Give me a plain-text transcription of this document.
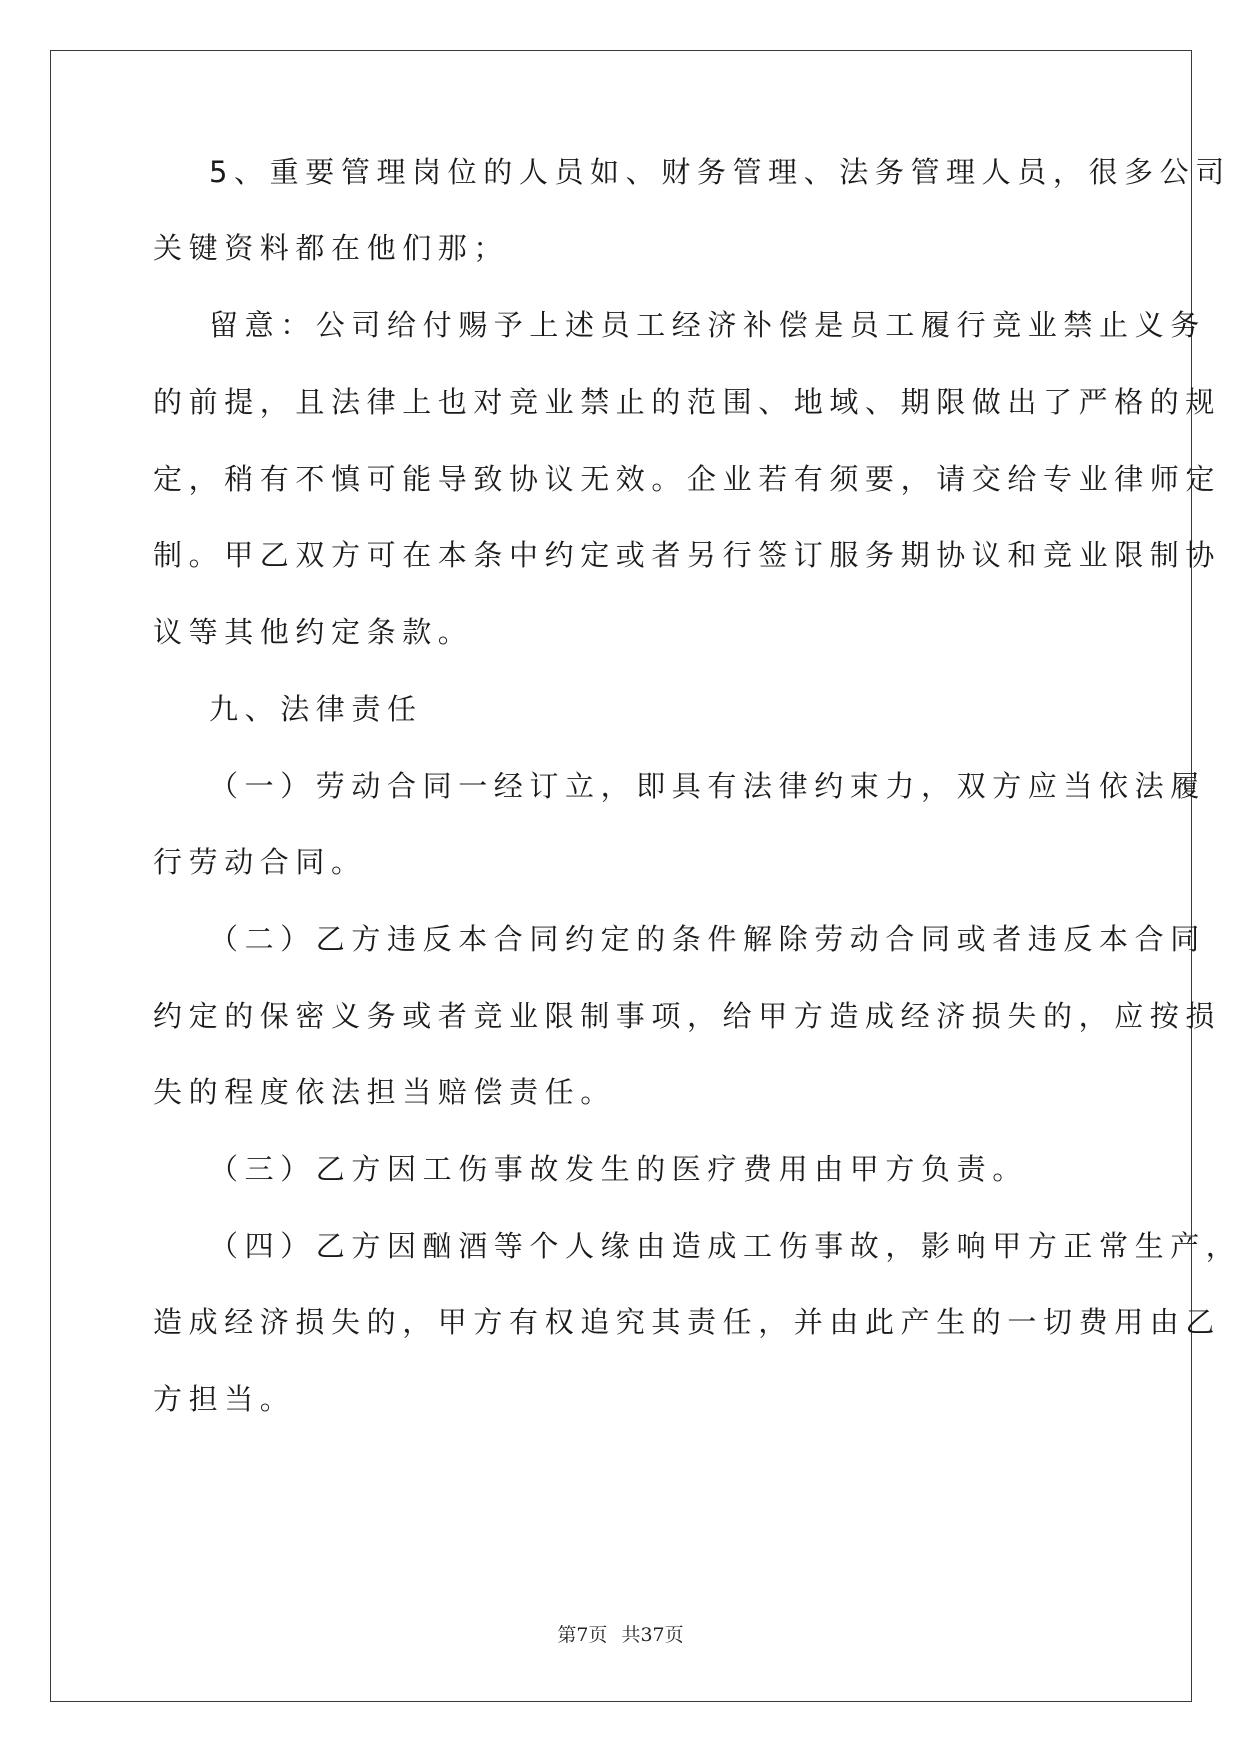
5、重要管理岗位的人员如、财务管理、法务管理人员，很多公司
关键资料都在他们那；
留意：公司给付赐予上述员工经济补偿是员工履行竞业禁止义务
的前提，且法律上也对竞业禁止的范围、地域、期限做出了严格的规
定，稍有不慎可能导致协议无效。企业若有须要，请交给专业律师定
制。甲乙双方可在本条中约定或者另行签订服务期协议和竞业限制协
议等其他约定条款。
九、法律责任
（一）劳动合同一经订立，即具有法律约束力，双方应当依法履
行劳动合同。
（二）乙方违反本合同约定的条件解除劳动合同或者违反本合同
约定的保密义务或者竞业限制事项，给甲方造成经济损失的，应按损
失的程度依法担当赔偿责任。
（三）乙方因工伤事故发生的医疗费用由甲方负责。
（四）乙方因酗酒等个人缘由造成工伤事故，影响甲方正常生产，
造成经济损失的，甲方有权追究其责任，并由此产生的一切费用由乙
方担当。
第7页 共37页
